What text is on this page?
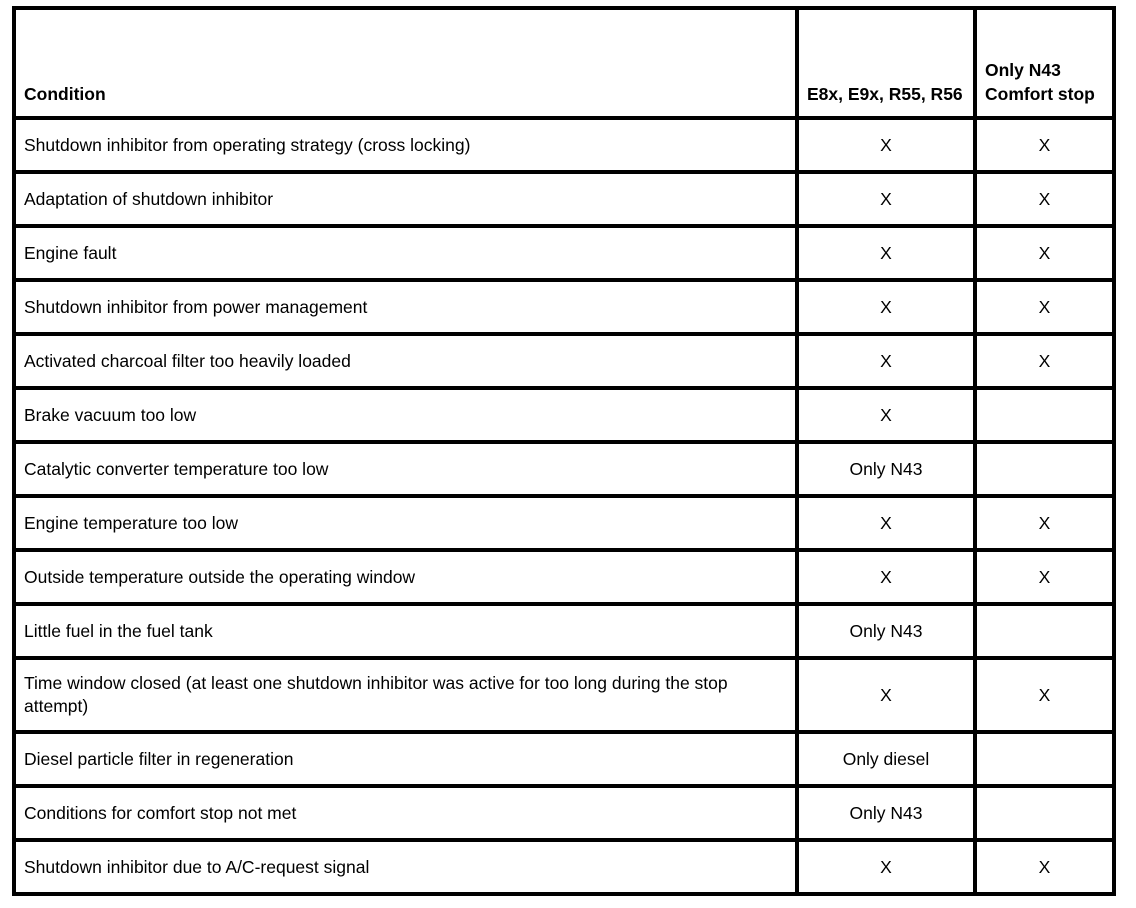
Condition	E8x, E9x, R55, R56	Only N43 Comfort stop
Shutdown inhibitor from operating strategy (cross locking)	X	X
Adaptation of shutdown inhibitor	X	X
Engine fault	X	X
Shutdown inhibitor from power management	X	X
Activated charcoal filter too heavily loaded	X	X
Brake vacuum too low	X	
Catalytic converter temperature too low	Only N43	
Engine temperature too low	X	X
Outside temperature outside the operating window	X	X
Little fuel in the fuel tank	Only N43	
Time window closed (at least one shutdown inhibitor was active for too long during the stop attempt)	X	X
Diesel particle filter in regeneration	Only diesel	
Conditions for comfort stop not met	Only N43	
Shutdown inhibitor due to A/C-request signal	X	X
